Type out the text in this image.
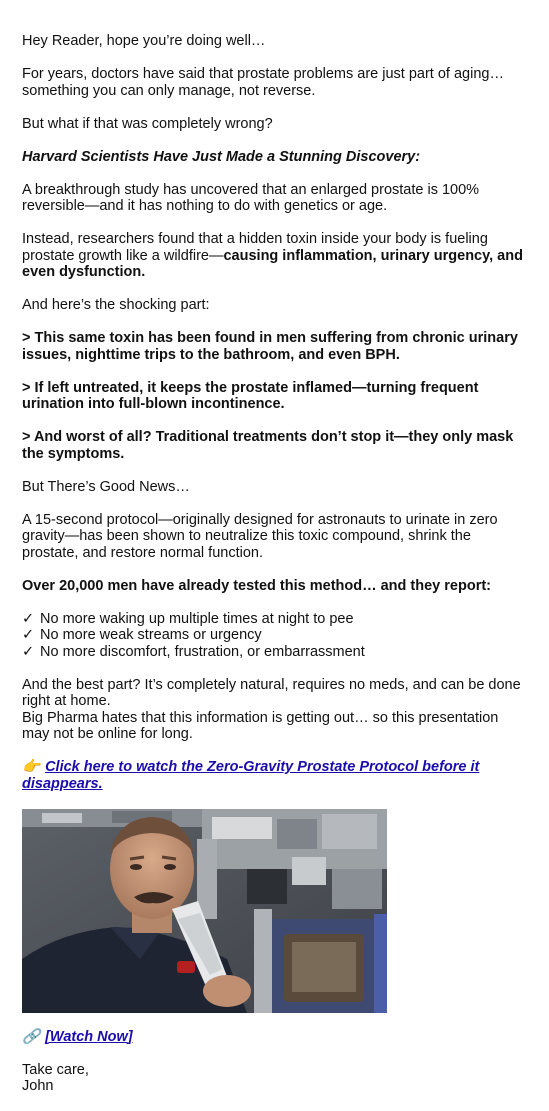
Hey Reader, hope you’re doing well…

For years, doctors have said that prostate problems are just part of aging… something you can only manage, not reverse.

But what if that was completely wrong?

Harvard Scientists Have Just Made a Stunning Discovery:

A breakthrough study has uncovered that an enlarged prostate is 100% reversible—and it has nothing to do with genetics or age.

Instead, researchers found that a hidden toxin inside your body is fueling prostate growth like a wildfire—causing inflammation, urinary urgency, and even dysfunction.

And here’s the shocking part:

> This same toxin has been found in men suffering from chronic urinary issues, nighttime trips to the bathroom, and even BPH.

> If left untreated, it keeps the prostate inflamed—turning frequent urination into full-blown incontinence.

> And worst of all? Traditional treatments don’t stop it—they only mask the symptoms.

But There’s Good News…

A 15-second protocol—originally designed for astronauts to urinate in zero gravity—has been shown to neutralize this toxic compound, shrink the prostate, and restore normal function.

Over 20,000 men have already tested this method… and they report:

✓ No more waking up multiple times at night to pee
✓ No more weak streams or urgency
✓ No more discomfort, frustration, or embarrassment

And the best part? It’s completely natural, requires no meds, and can be done right at home.

Big Pharma hates that this information is getting out… so this presentation may not be online for long.

👉 Click here to watch the Zero-Gravity Prostate Protocol before it disappears.

🔗 [Watch Now]

Take care,

John
